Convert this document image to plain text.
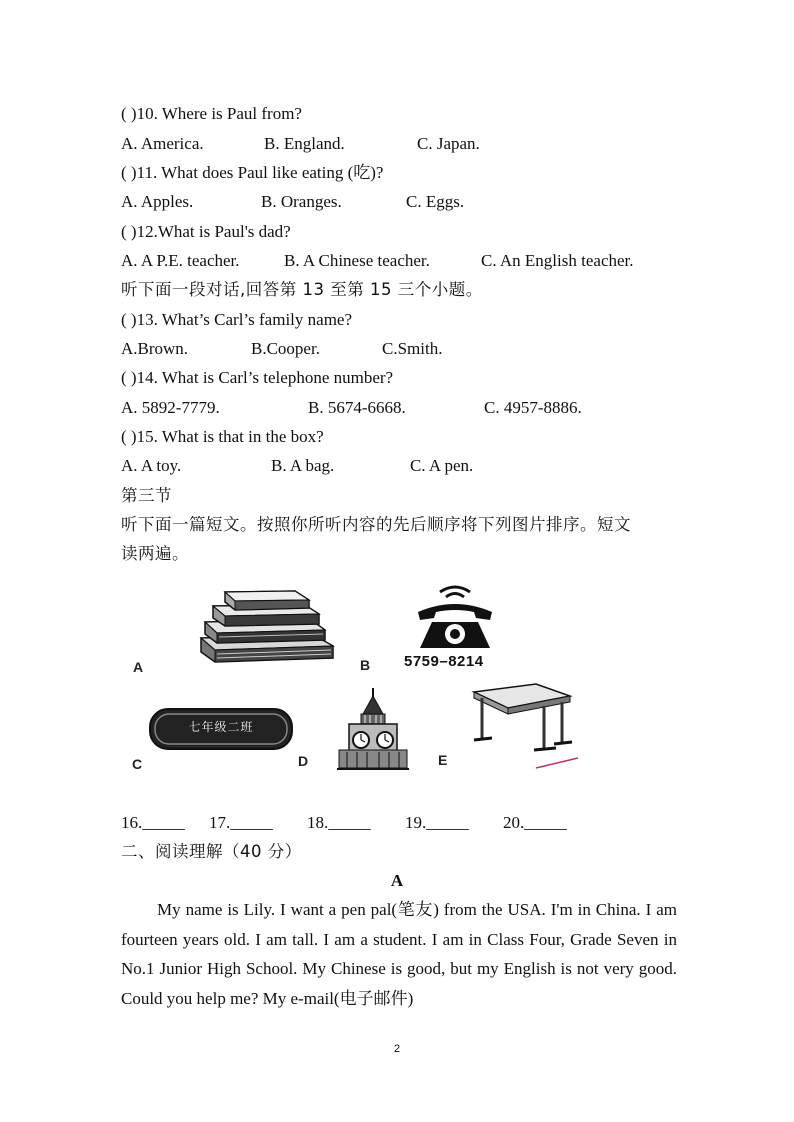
( )10. Where is Paul from?
A. America.	B. England.	C. Japan.
( )11. What does Paul like eating (吃)?
A. Apples.	B. Oranges.	C. Eggs.
( )12.What is Paul's dad?
A. A P.E. teacher.	B. A Chinese teacher.	C. An English teacher.
听下面一段对话,回答第 13 至第 15 三个小题。
( )13. What’s Carl’s family name?
A.Brown.	B.Cooper.	C.Smith.
( )14. What is Carl’s telephone number?
A. 5892-7779.	B. 5674-6668.	C. 4957-8886.
( )15. What is that in the box?
A. A toy.	B. A bag.	C. A pen.
第三节
听下面一篇短文。按照你所听内容的先后顺序将下列图片排序。短文
读两遍。
A	B 5759–8214
七年级二班
C	D	E
16._____ 17._____ 18._____ 19._____ 20._____
二、阅读理解（40 分）
A
My name is Lily. I want a pen pal(笔友) from the USA. I'm in China. I am fourteen years old. I am tall. I am a student. I am in Class Four, Grade Seven in No.1 Junior High School. My Chinese is good, but my English is not very good. Could you help me? My e-mail(电子邮件)
2
